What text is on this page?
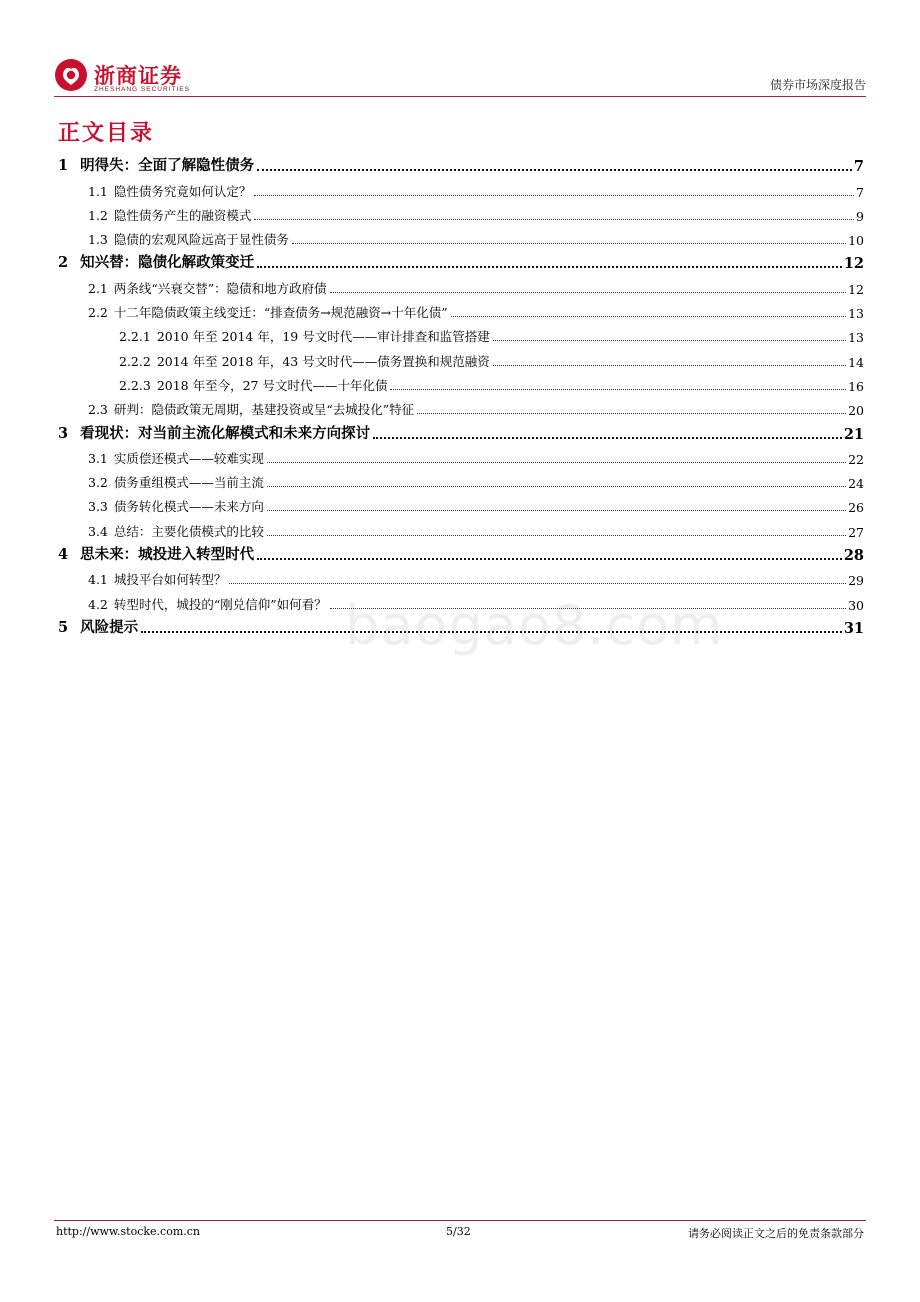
浙商证券
ZHESHANG SECURITIES	债券市场深度报告
正文目录
1 明得失：全面了解隐性债务	7
1.1 隐性债务究竟如何认定？	7
1.2 隐性债务产生的融资模式	9
1.3 隐债的宏观风险远高于显性债务	10
2 知兴替：隐债化解政策变迁	12
2.1 两条线“兴衰交替”：隐债和地方政府债	12
2.2 十二年隐债政策主线变迁：“排查债务→规范融资→十年化债”	13
2.2.1 2010 年至 2014 年，19 号文时代——审计排查和监管搭建	13
2.2.2 2014 年至 2018 年，43 号文时代——债务置换和规范融资	14
2.2.3 2018 年至今，27 号文时代——十年化债	16
2.3 研判：隐债政策无周期，基建投资或呈“去城投化”特征	20
3 看现状：对当前主流化解模式和未来方向探讨	21
3.1 实质偿还模式——较难实现	22
3.2 债务重组模式——当前主流	24
3.3 债务转化模式——未来方向	26
3.4 总结：主要化债模式的比较	27
4 思未来：城投进入转型时代	28
4.1 城投平台如何转型？	29
4.2 转型时代，城投的“刚兑信仰”如何看？	30
5 风险提示	31
baogao8.com
http://www.stocke.com.cn	5/32	请务必阅读正文之后的免责条款部分
